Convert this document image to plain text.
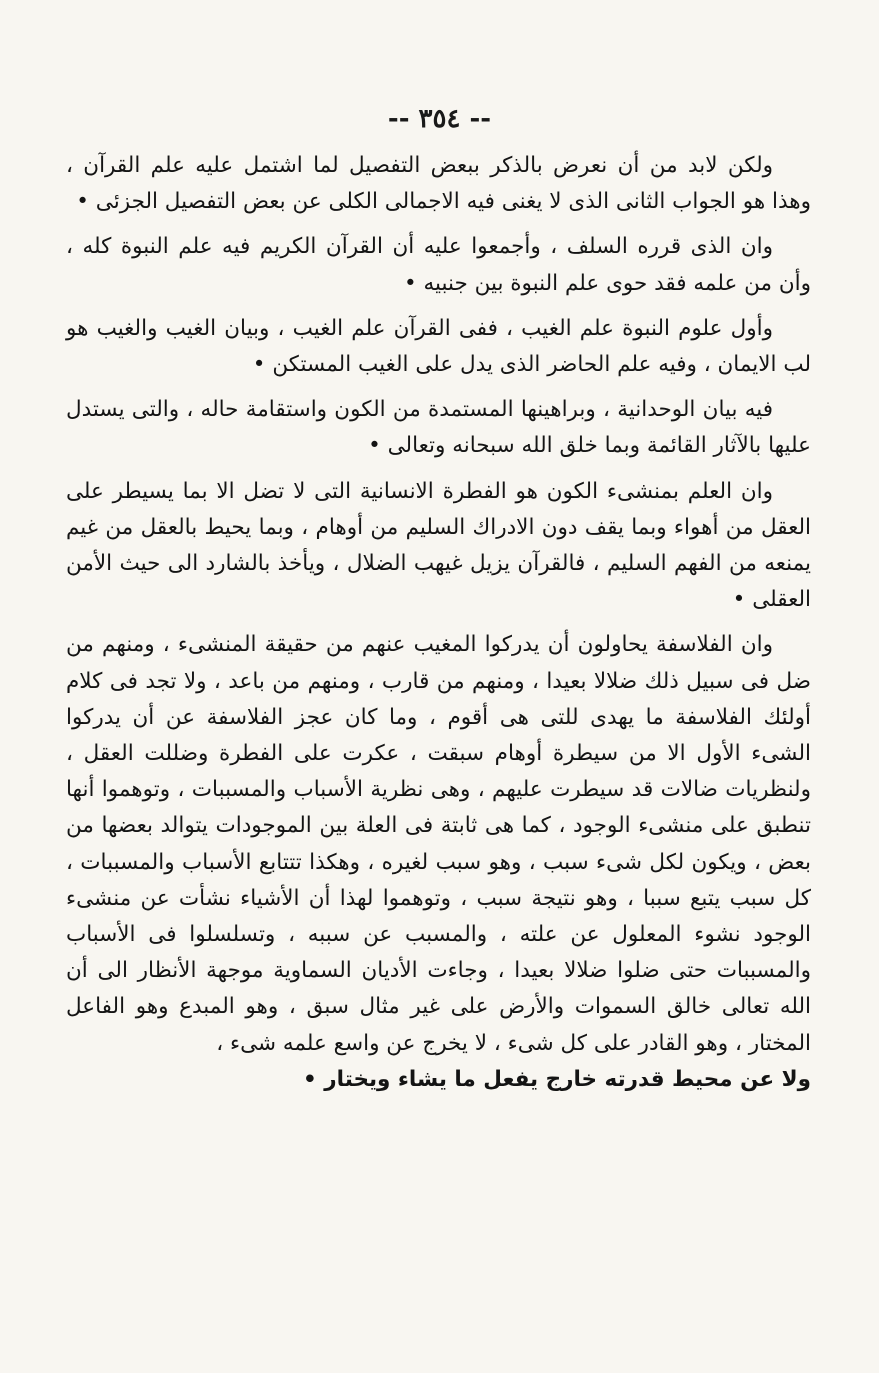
-- ٣٥٤ --

ولكن لابد من أن نعرض بالذكر ببعض التفصيل لما اشتمل عليه علم القرآن ، وهذا هو الجواب الثانى الذى لا يغنى فيه الاجمالى الكلى عن بعض التفصيل الجزئى •

وان الذى قرره السلف ، وأجمعوا عليه أن القرآن الكريم فيه علم النبوة كله ، وأن من علمه فقد حوى علم النبوة بين جنبيه •

وأول علوم النبوة علم الغيب ، ففى القرآن علم الغيب ، وبيان الغيب والغيب هو لب الايمان ، وفيه علم الحاضر الذى يدل على الغيب المستكن •

فيه بيان الوحدانية ، وبراهينها المستمدة من الكون واستقامة حاله ، والتى يستدل عليها بالآثار القائمة وبما خلق الله سبحانه وتعالى •

وان العلم بمنشىء الكون هو الفطرة الانسانية التى لا تضل الا بما يسيطر على العقل من أهواء وبما يقف دون الادراك السليم من أوهام ، وبما يحيط بالعقل من غيم يمنعه من الفهم السليم ، فالقرآن يزيل غيهب الضلال ، ويأخذ بالشارد الى حيث الأمن العقلى •

وان الفلاسفة يحاولون أن يدركوا المغيب عنهم من حقيقة المنشىء ، ومنهم من ضل فى سبيل ذلك ضلالا بعيدا ، ومنهم من قارب ، ومنهم من باعد ، ولا تجد فى كلام أولئك الفلاسفة ما يهدى للتى هى أقوم ، وما كان عجز الفلاسفة عن أن يدركوا الشىء الأول الا من سيطرة أوهام سبقت ، عكرت على الفطرة وضللت العقل ، ولنظريات ضالات قد سيطرت عليهم ، وهى نظرية الأسباب والمسببات ، وتوهموا أنها تنطبق على منشىء الوجود ، كما هى ثابتة فى العلة بين الموجودات يتوالد بعضها من بعض ، ويكون لكل شىء سبب ، وهو سبب لغيره ، وهكذا تتتابع الأسباب والمسببات ، كل سبب يتبع سببا ، وهو نتيجة سبب ، وتوهموا لهذا أن الأشياء نشأت عن منشىء الوجود نشوء المعلول عن علته ، والمسبب عن سببه ، وتسلسلوا فى الأسباب والمسببات حتى ضلوا ضلالا بعيدا ، وجاءت الأديان السماوية موجهة الأنظار الى أن الله تعالى خالق السموات والأرض على غير مثال سبق ، وهو المبدع وهو الفاعل المختار ، وهو القادر على كل شىء ، لا يخرج عن واسع علمه شىء ،

ولا عن محيط قدرته خارج يفعل ما يشاء ويختار •
